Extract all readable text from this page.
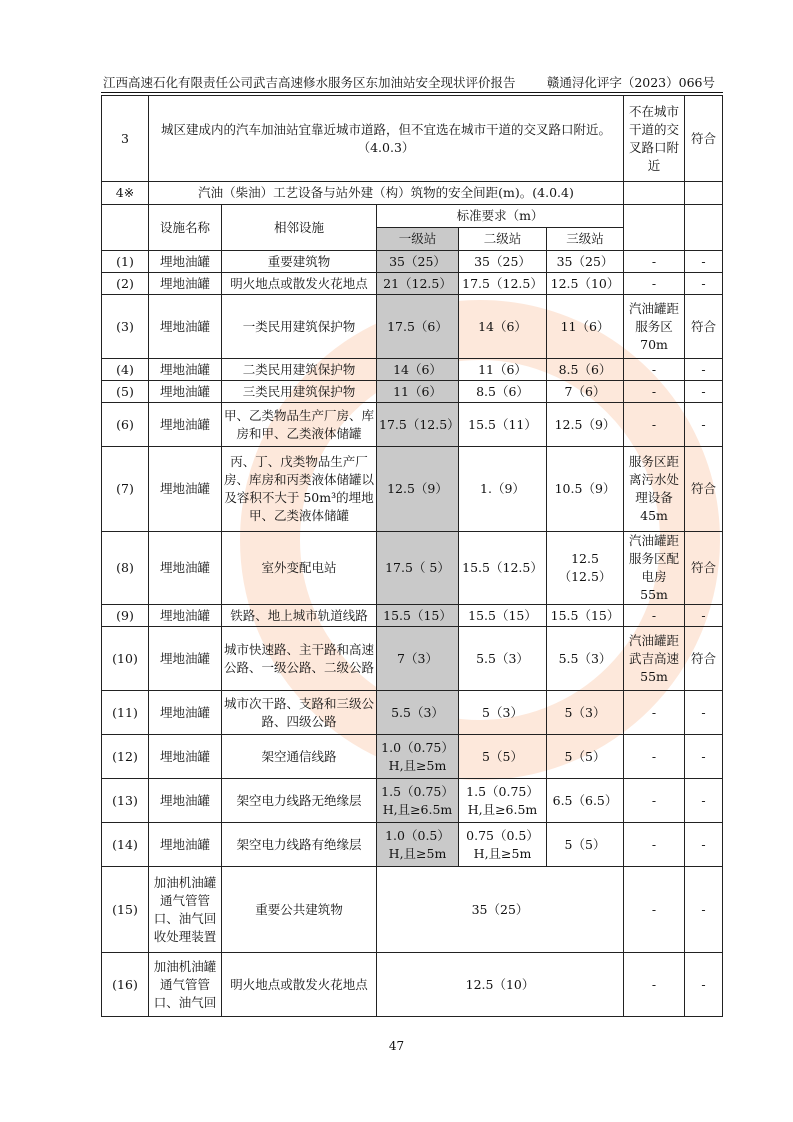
江西高速石化有限责任公司武吉高速修水服务区东加油站安全现状评价报告	赣通浔化评字（2023）066号
3	城区建成内的汽车加油站宜靠近城市道路，但不宜选在城市干道的交叉路口附近。（4.0.3）					不在城市干道的交叉路口附近	符合
4※	汽油（柴油）工艺设备与站外建（构）筑物的安全间距(m)。(4.0.4)						
	设施名称	相邻设施	标准要求（m）				
			一级站	二级站	三级站		
(1)	埋地油罐	重要建筑物	35（25）	35（25）	35（25）	-	-
(2)	埋地油罐	明火地点或散发火花地点	21（12.5）	17.5（12.5）	12.5（10）	-	-
(3)	埋地油罐	一类民用建筑保护物	17.5（6）	14（6）	11（6）	汽油罐距服务区70m	符合
(4)	埋地油罐	二类民用建筑保护物	14（6）	11（6）	8.5（6）	-	-
(5)	埋地油罐	三类民用建筑保护物	11（6）	8.5（6）	7（6）	-	-
(6)	埋地油罐	甲、乙类物品生产厂房、库房和甲、乙类液体储罐	17.5（12.5）	15.5（11）	12.5（9）	-	-
(7)	埋地油罐	丙、丁、戊类物品生产厂房、库房和丙类液体储罐以及容积不大于 50m³的埋地甲、乙类液体储罐	12.5（9）	1.（9）	10.5（9）	服务区距离污水处理设备45m	符合
(8)	埋地油罐	室外变配电站	17.5（ 5）	15.5（12.5）	12.5（12.5）	汽油罐距服务区配电房 55m	符合
(9)	埋地油罐	铁路、地上城市轨道线路	15.5（15）	15.5（15）	15.5（15）	-	-
(10)	埋地油罐	城市快速路、主干路和高速公路、一级公路、二级公路	7（3）	5.5（3）	5.5（3）	汽油罐距武吉高速55m	符合
(11)	埋地油罐	城市次干路、支路和三级公路、四级公路	5.5（3）	5（3）	5（3）	-	-
(12)	埋地油罐	架空通信线路	1.0（0.75）H,且≥5m	5（5）	5（5）	-	-
(13)	埋地油罐	架空电力线路无绝缘层	1.5（0.75）H,且≥6.5m	1.5（0.75）H,且≥6.5m	6.5（6.5）	-	-
(14)	埋地油罐	架空电力线路有绝缘层	1.0（0.5）H,且≥5m	0.75（0.5）H,且≥5m	5（5）	-	-
(15)	加油机油罐通气管管口、油气回收处理装置	重要公共建筑物	35（25）			-	-
(16)	加油机油罐通气管管口、油气回	明火地点或散发火花地点	12.5（10）			-	-
47
